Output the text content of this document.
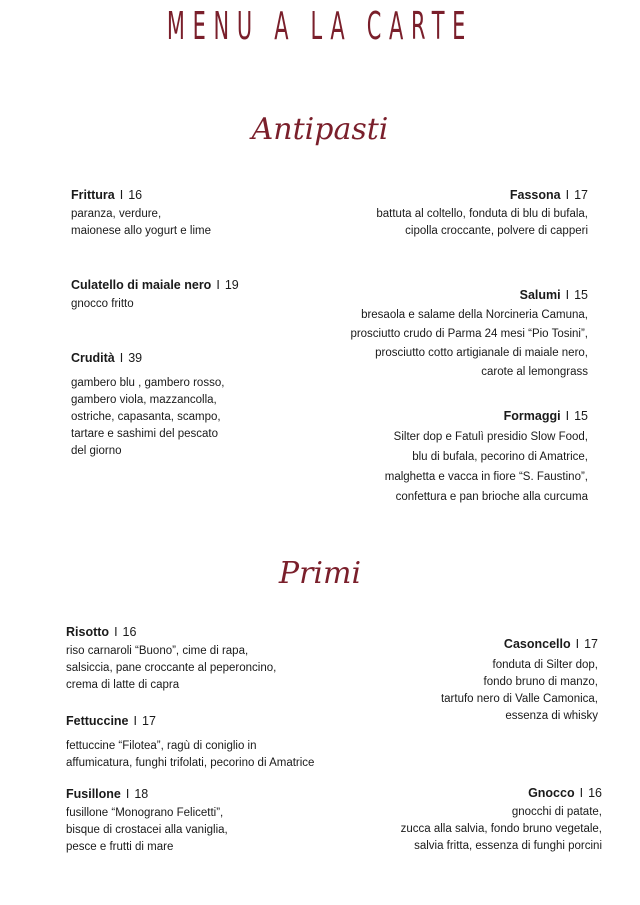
MENU A LA CARTE
Antipasti
Frittura I 16
paranza, verdure,
maionese allo yogurt e lime
Culatello di maiale nero I 19
gnocco fritto
Crudità I 39
gambero blu , gambero rosso,
gambero viola, mazzancolla,
ostriche, capasanta, scampo,
tartare e sashimi del pescato
del giorno
Fassona I 17
battuta al coltello, fonduta di blu di bufala,
cipolla croccante, polvere di capperi
Salumi I 15
bresaola e salame della Norcineria Camuna,
prosciutto crudo di Parma 24 mesi “Pio Tosini”,
prosciutto cotto artigianale di maiale nero,
carote al lemongrass
Formaggi I 15
Silter dop e Fatulì presidio Slow Food,
blu di bufala, pecorino di Amatrice,
malghetta e vacca in fiore “S. Faustino”,
confettura e pan brioche alla curcuma
Primi
Risotto I 16
riso carnaroli “Buono”, cime di rapa,
salsiccia, pane croccante al peperoncino,
crema di latte di capra
Fettuccine I 17
fettuccine “Filotea”, ragù di coniglio in
affumicatura, funghi trifolati, pecorino di Amatrice
Fusillone I 18
fusillone “Monograno Felicetti”,
bisque di crostacei alla vaniglia,
pesce e frutti di mare
Casoncello I 17
fonduta di Silter dop,
fondo bruno di manzo,
tartufo nero di Valle Camonica,
essenza di whisky
Gnocco I 16
gnocchi di patate,
zucca alla salvia, fondo bruno vegetale,
salvia fritta, essenza di funghi porcini
